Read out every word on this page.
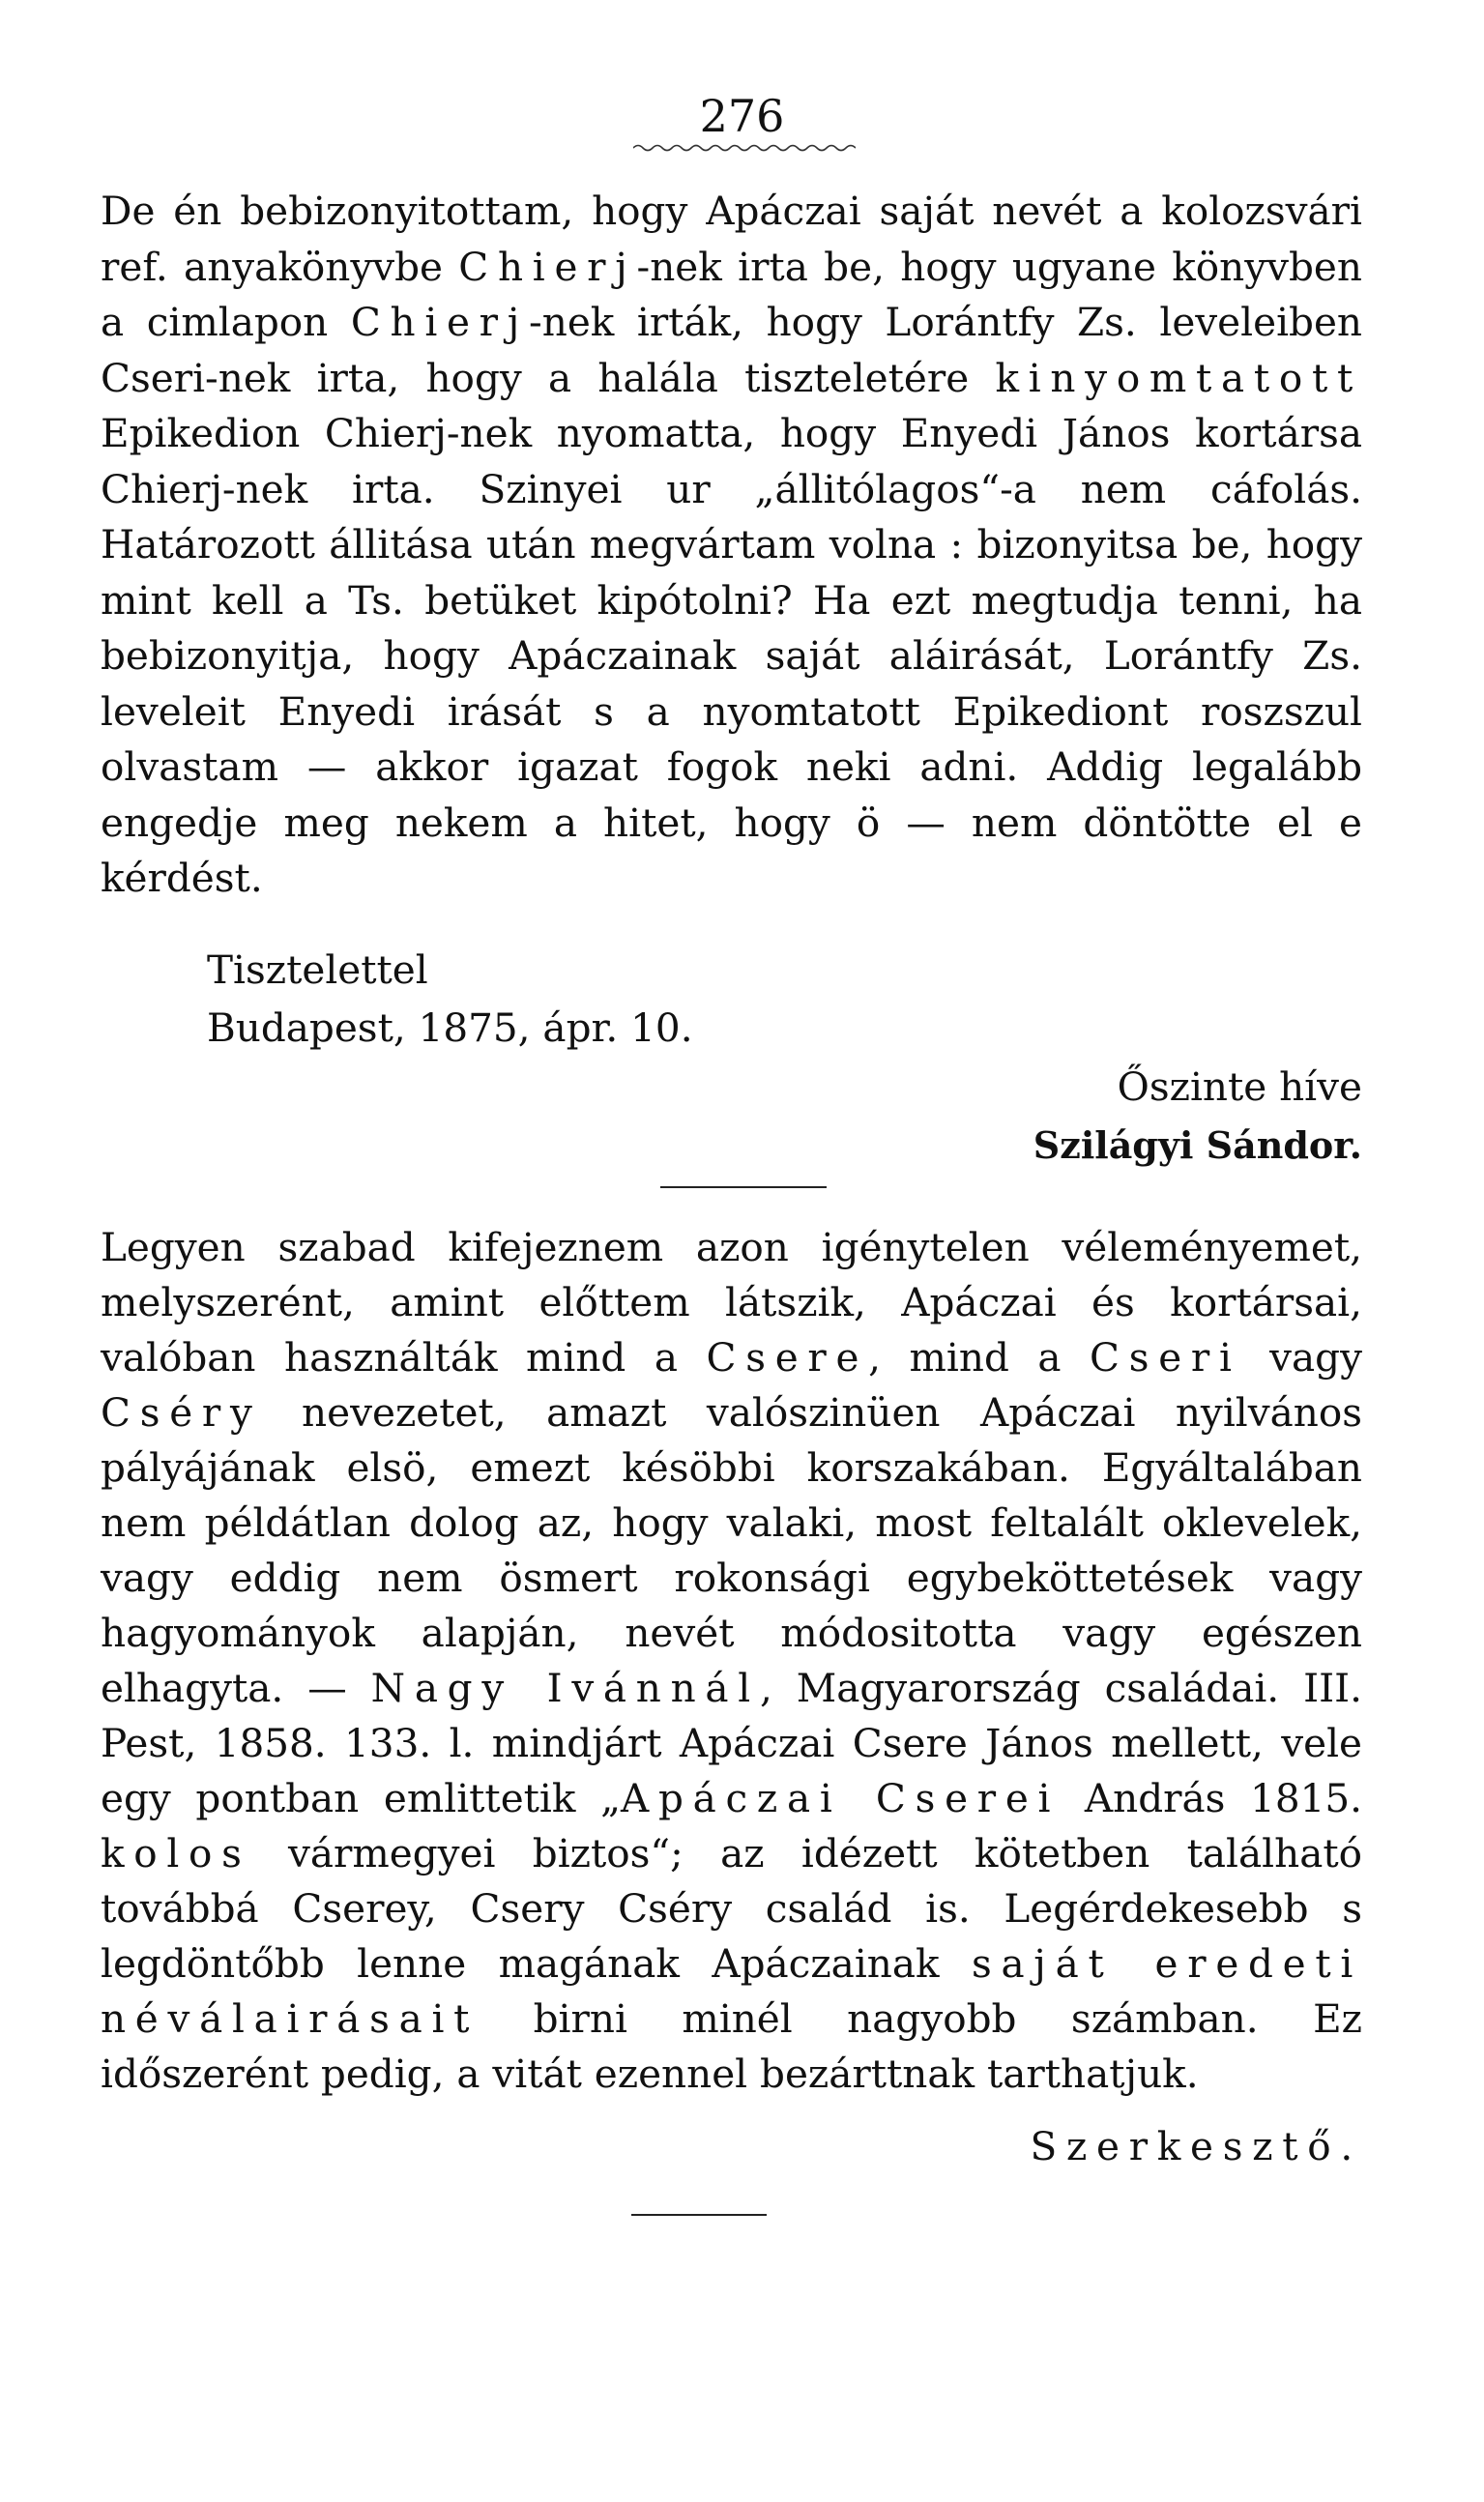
276

De én bebizonyitottam, hogy Apáczai saját nevét a kolozsvári ref. anyakönyvbe Chierj-nek irta be, hogy ugyane könyvben a cimlapon Chierj-nek irták, hogy Lorántfy Zs. leveleiben Cseri-nek irta, hogy a halála tiszteletére kinyomtatott Epikedion Chierj-nek nyomatta, hogy Enyedi János kortársa Chierj-nek irta. Szinyei ur „állitólagos“-a nem cáfolás. Határozott állitása után megvártam volna : bizonyitsa be, hogy mint kell a Ts. betüket kipótolni? Ha ezt megtudja tenni, ha bebizonyitja, hogy Apáczainak saját aláirását, Lorántfy Zs. leveleit Enyedi irását s a nyomtatott Epikediont roszszul olvastam — akkor igazat fogok neki adni. Addig legalább engedje meg nekem a hitet, hogy ö — nem döntötte el e kérdést.

Tisztelettel
Budapest, 1875, ápr. 10.
Őszinte híve
Szilágyi Sándor.

Legyen szabad kifejeznem azon igénytelen véleményemet, melyszerént, amint előttem látszik, Apáczai és kortársai, valóban használták mind a Csere, mind a Cseri vagy Cséry nevezetet, amazt valószinüen Apáczai nyilvános pályájának elsö, emezt késöbbi korszakában. Egyáltalában nem példátlan dolog az, hogy valaki, most feltalált oklevelek, vagy eddig nem ösmert rokonsági egybeköttetések vagy hagyományok alapján, nevét módositotta vagy egészen elhagyta. — Nagy Ivánnál, Magyarország családai. III. Pest, 1858. 133. l. mindjárt Apáczai Csere János mellett, vele egy pontban emlittetik „Apáczai Cserei András 1815. kolos vármegyei biztos“; az idézett kötetben található továbbá Cserey, Csery Cséry család is. Legérdekesebb s legdöntőbb lenne magának Apáczainak saját eredeti néválairásait birni minél nagyobb számban. Ez időszerént pedig, a vitát ezennel bezárttnak tarthatjuk.

Szerkesztő.
